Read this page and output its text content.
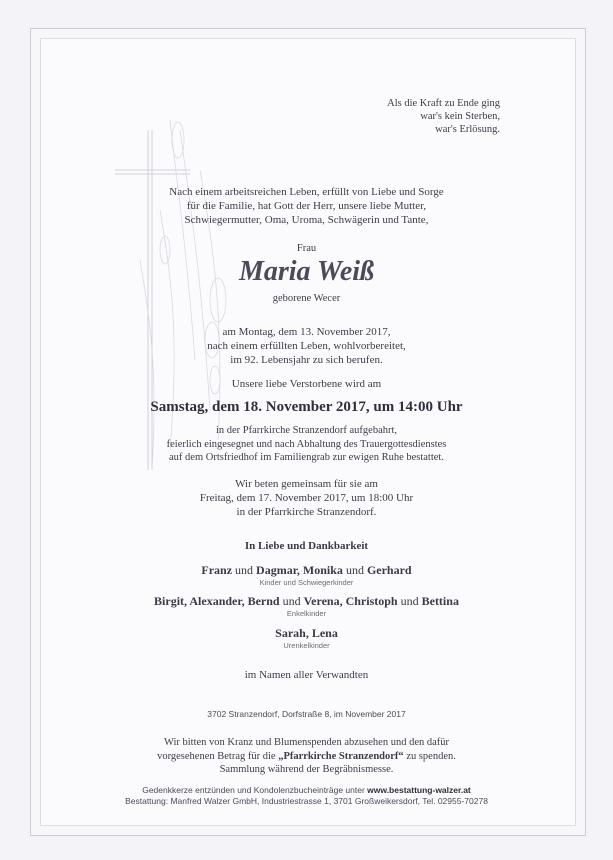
Als die Kraft zu Ende ging
war's kein Sterben,
war's Erlösung.
Nach einem arbeitsreichen Leben, erfüllt von Liebe und Sorge
für die Familie, hat Gott der Herr, unsere liebe Mutter,
Schwiegermutter, Oma, Uroma, Schwägerin und Tante,
Frau
Maria Weiß
geborene Wecer
am Montag, dem 13. November 2017,
nach einem erfüllten Leben, wohlvorbereitet,
im 92. Lebensjahr zu sich berufen.
Unsere liebe Verstorbene wird am
Samstag, dem 18. November 2017, um 14:00 Uhr
in der Pfarrkirche Stranzendorf aufgebahrt,
feierlich eingesegnet und nach Abhaltung des Trauergottesdienstes
auf dem Ortsfriedhof im Familiengrab zur ewigen Ruhe bestattet.
Wir beten gemeinsam für sie am
Freitag, dem 17. November 2017, um 18:00 Uhr
in der Pfarrkirche Stranzendorf.
In Liebe und Dankbarkeit
Franz und Dagmar, Monika und Gerhard
Kinder und Schwiegerkinder
Birgit, Alexander, Bernd und Verena, Christoph und Bettina
Enkelkinder
Sarah, Lena
Urenkelkinder
im Namen aller Verwandten
3702 Stranzendorf, Dorfstraße 8, im November 2017
Wir bitten von Kranz und Blumenspenden abzusehen und den dafür
vorgesehenen Betrag für die „Pfarrkirche Stranzendorf“ zu spenden.
Sammlung während der Begräbnismesse.
Gedenkkerze entzünden und Kondolenzbucheinträge unter www.bestattung-walzer.at
Bestattung: Manfred Walzer GmbH, Industriestrasse 1, 3701 Großweikersdorf, Tel. 02955-70278
